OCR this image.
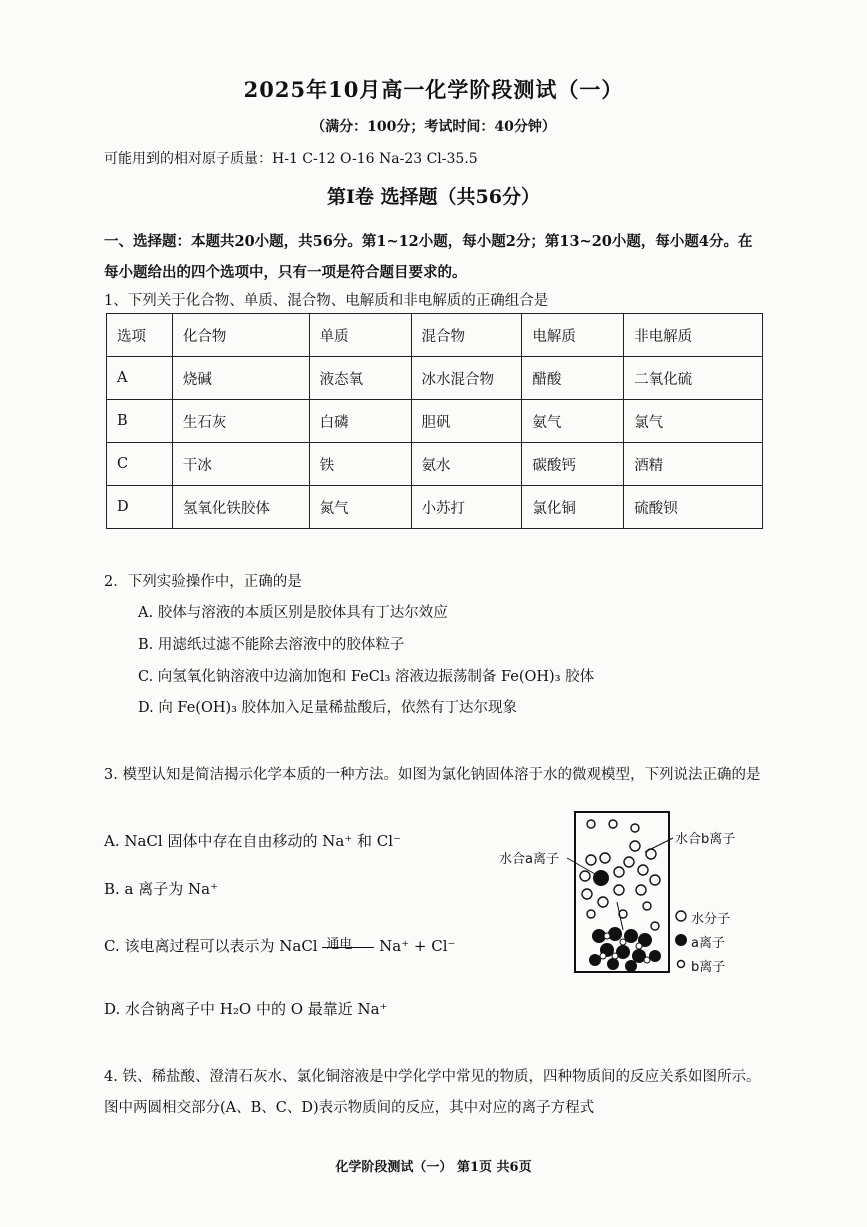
2025年10月高一化学阶段测试（一）
（满分：100分；考试时间：40分钟）
可能用到的相对原子质量：H-1 C-12 O-16 Na-23 Cl-35.5
第Ⅰ卷 选择题（共56分）
一、选择题：本题共20小题，共56分。第1~12小题，每小题2分；第13~20小题，每小题4分。在每小题给出的四个选项中，只有一项是符合题目要求的。
1、下列关于化合物、单质、混合物、电解质和非电解质的正确组合是
选项	化合物	单质	混合物	电解质	非电解质
A	烧碱	液态氧	冰水混合物	醋酸	二氧化硫
B	生石灰	白磷	胆矾	氨气	氯气
C	干冰	铁	氨水	碳酸钙	酒精
D	氢氧化铁胶体	氮气	小苏打	氯化铜	硫酸钡
2．下列实验操作中，正确的是
A. 胶体与溶液的本质区别是胶体具有丁达尔效应
B. 用滤纸过滤不能除去溶液中的胶体粒子
C. 向氢氧化钠溶液中边滴加饱和 FeCl₃ 溶液边振荡制备 Fe(OH)₃ 胶体
D. 向 Fe(OH)₃ 胶体加入足量稀盐酸后，依然有丁达尔现象
3. 模型认知是简洁揭示化学本质的一种方法。如图为氯化钠固体溶于水的微观模型，下列说法正确的是
A. NaCl 固体中存在自由移动的 Na⁺ 和 Cl⁻
B. a 离子为 Na⁺
C. 该电离过程可以表示为 NaCl 通电 Na⁺ + Cl⁻
D. 水合钠离子中 H₂O 中的 O 最靠近 Na⁺
水合a离子
水合b离子
水分子
a离子
b离子
4. 铁、稀盐酸、澄清石灰水、氯化铜溶液是中学化学中常见的物质，四种物质间的反应关系如图所示。图中两圆相交部分(A、B、C、D)表示物质间的反应，其中对应的离子方程式
化学阶段测试（一） 第1页 共6页
